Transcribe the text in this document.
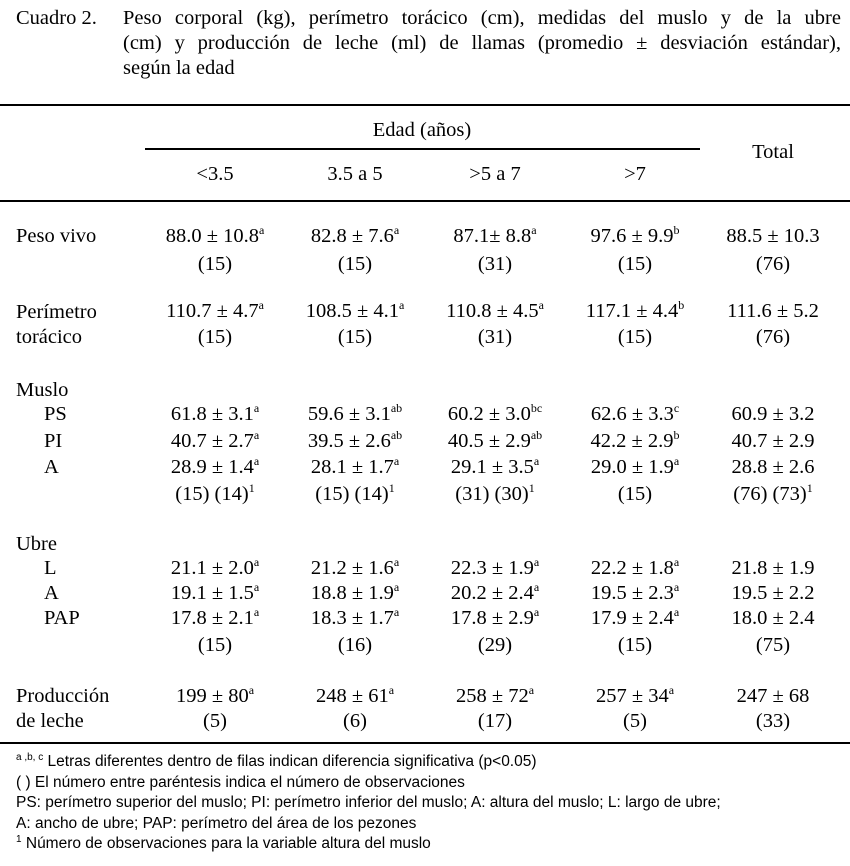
Cuadro 2. Peso corporal (kg), perímetro torácico (cm), medidas del muslo y de la ubre
(cm) y producción de leche (ml) de llamas (promedio ± desviación estándar),
según la edad
Edad (años)
<3.5	3.5 a 5	>5 a 7	>7
Total
Peso vivo	88.0 ± 10.8$^a$	82.8 ± 7.6$^a$	87.1± 8.8$^a$	97.6 ± 9.9$^b$	88.5 ± 10.3
(15)	(15)	(31)	(15)	(76)
Perímetro
torácico
110.7 ± 4.7$^a$	108.5 ± 4.1$^a$	110.8 ± 4.5$^a$	117.1 ± 4.4$^b$	111.6 ± 5.2
(15)	(15)	(31)	(15)	(76)
Muslo
PS	61.8 ± 3.1$^a$	59.6 ± 3.1$^{ab}$	60.2 ± 3.0$^{bc}$	62.6 ± 3.3$^c$	60.9 ± 3.2
PI	40.7 ± 2.7$^a$	39.5 ± 2.6$^{ab}$	40.5 ± 2.9$^{ab}$	42.2 ± 2.9$^b$	40.7 ± 2.9
A	28.9 ± 1.4$^a$	28.1 ± 1.7$^a$	29.1 ± 3.5$^a$	29.0 ± 1.9$^a$	28.8 ± 2.6
(15) $(14)^1$	(15) $(14)^1$	(31) $(30)^1$	(15)	(76) $(73)^1$
Ubre
L	21.1 ± 2.0$^a$	21.2 ± 1.6$^a$	22.3 ± 1.9$^a$	22.2 ± 1.8$^a$	21.8 ± 1.9
A	19.1 ± 1.5$^a$	18.8 ± 1.9$^a$	20.2 ± 2.4$^a$	19.5 ± 2.3$^a$	19.5 ± 2.2
PAP	17.8 ± 2.1$^a$	18.3 ± 1.7$^a$	17.8 ± 2.9$^a$	17.9 ± 2.4$^a$	18.0 ± 2.4
(15)	(16)	(29)	(15)	(75)
Producción
de leche
$199 \pm 80^a$	$248 \pm 61^a$	$258 \pm 72^a$	$257 \pm 34^a$	247 ± 68
(5)	(6)	(17)	(5)	(33)
$^{a ,b, c}$ Letras diferentes dentro de filas indican diferencia significativa (p<0.05)
( ) El número entre paréntesis indica el número de observaciones
PS: perímetro superior del muslo; PI: perímetro inferior del muslo; A: altura del muslo; L: largo de ubre;
A: ancho de ubre; PAP: perímetro del área de los pezones
$^1$ Número de observaciones para la variable altura del muslo
